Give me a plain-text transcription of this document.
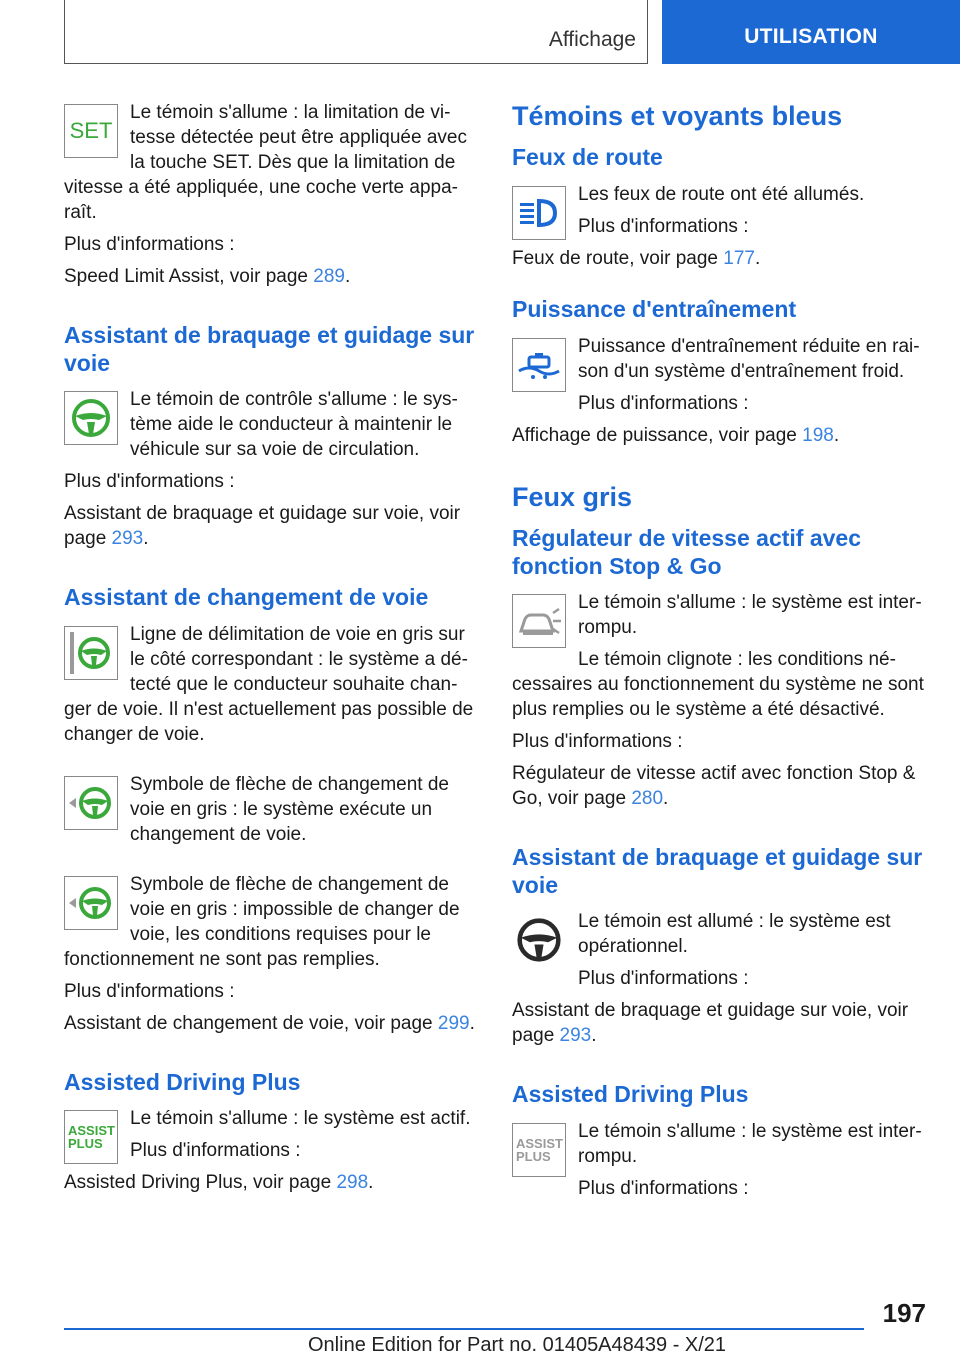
Affichage	UTILISATION
SET

Le témoin s'allume : la limitation de vi-tesse détectée peut être appliquée avec la touche SET. Dès que la limitation de vitesse a été appliquée, une coche verte appa-raît.

Plus d'informations :

Speed Limit Assist, voir page 289.

Assistant de braquage et guidage sur voie

Le témoin de contrôle s'allume : le sys-tème aide le conducteur à maintenir le véhicule sur sa voie de circulation.

Plus d'informations :

Assistant de braquage et guidage sur voie, voir page 293.

Assistant de changement de voie

Ligne de délimitation de voie en gris sur le côté correspondant : le système a dé-tecté que le conducteur souhaite chan-ger de voie. Il n'est actuellement pas possible de changer de voie.

Symbole de flèche de changement de voie en gris : le système exécute un changement de voie.

Symbole de flèche de changement de voie en gris : impossible de changer de voie, les conditions requises pour le fonctionnement ne sont pas remplies.

Plus d'informations :

Assistant de changement de voie, voir page 299.

Assisted Driving Plus
ASSIST
PLUS

Le témoin s'allume : le système est actif.

Plus d'informations :

Assisted Driving Plus, voir page 298.

Témoins et voyants bleus
Feux de route

Les feux de route ont été allumés.

Plus d'informations :

Feux de route, voir page 177.

Puissance d'entraînement

Puissance d'entraînement réduite en rai-son d'un système d'entraînement froid.

Plus d'informations :

Affichage de puissance, voir page 198.

Feux gris
Régulateur de vitesse actif avec fonction Stop & Go

Le témoin s'allume : le système est inter-rompu.

Le témoin clignote : les conditions né-cessaires au fonctionnement du système ne sont plus remplies ou le système a été désactivé.

Plus d'informations :

Régulateur de vitesse actif avec fonction Stop & Go, voir page 280.

Assistant de braquage et guidage sur voie

Le témoin est allumé : le système est opérationnel.

Plus d'informations :

Assistant de braquage et guidage sur voie, voir page 293.

Assisted Driving Plus
ASSIST
PLUS

Le témoin s'allume : le système est inter-rompu.

Plus d'informations :

197
Online Edition for Part no. 01405A48439 - X/21
